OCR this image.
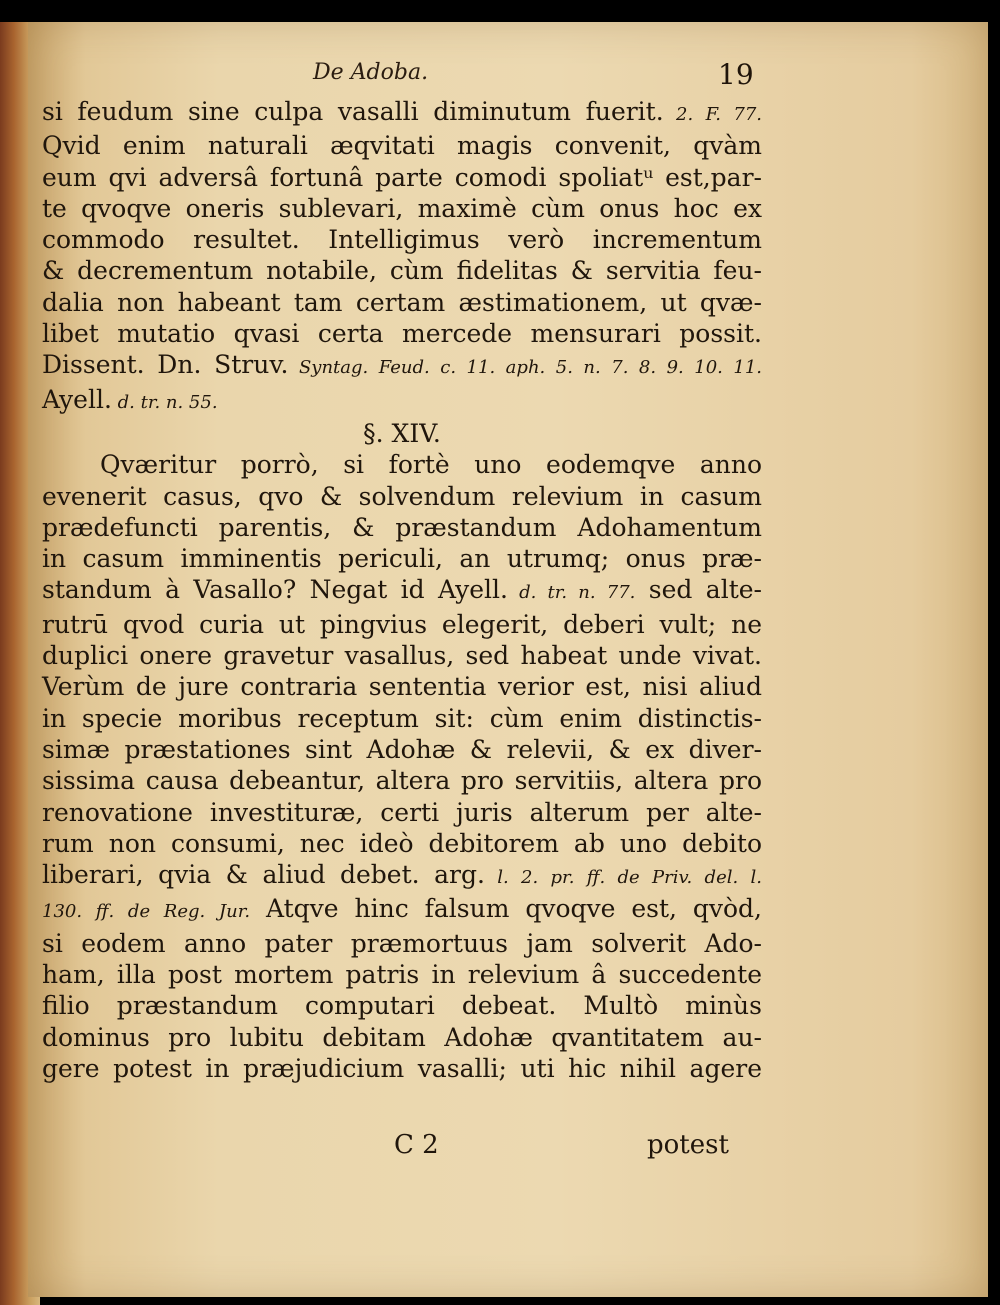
De Adoba.	19
si feudum sine culpa vasalli diminutum fuerit. 2. F. 77.
Qvid enim naturali æqvitati magis convenit, qvàm
eum qvi adversâ fortunâ parte comodi spoliatᵘ est,par-
te qvoqve oneris sublevari, maximè cùm onus hoc ex
commodo resultet. Intelligimus verò incrementum
& decrementum notabile, cùm fidelitas & servitia feu-
dalia non habeant tam certam æstimationem, ut qvæ-
libet mutatio qvasi certa mercede mensurari possit.
Dissent. Dn. Struv. Syntag. Feud. c. 11. aph. 5. n. 7. 8. 9. 10. 11.
Ayell. d. tr. n. 55.
§. XIV.
Qværitur porrò, si fortè uno eodemqve anno
evenerit casus, qvo & solvendum relevium in casum
prædefuncti parentis, & præstandum Adohamentum
in casum imminentis periculi, an utrumq; onus præ-
standum à Vasallo? Negat id Ayell. d. tr. n. 77. sed alte-
rutrū qvod curia ut pingvius elegerit, deberi vult; ne
duplici onere gravetur vasallus, sed habeat unde vivat.
Verùm de jure contraria sententia verior est, nisi aliud
in specie moribus receptum sit: cùm enim distinctis-
simæ præstationes sint Adohæ & relevii, & ex diver-
sissima causa debeantur, altera pro servitiis, altera pro
renovatione investituræ, certi juris alterum per alte-
rum non consumi, nec ideò debitorem ab uno debito
liberari, qvia & aliud debet. arg. l. 2. pr. ff. de Priv. del. l.
130. ff. de Reg. Jur. Atqve hinc falsum qvoqve est, qvòd,
si eodem anno pater præmortuus jam solverit Ado-
ham, illa post mortem patris in relevium â succedente
filio præstandum computari debeat. Multò minùs
dominus pro lubitu debitam Adohæ qvantitatem au-
gere potest in præjudicium vasalli; uti hic nihil agere
C 2	potest
